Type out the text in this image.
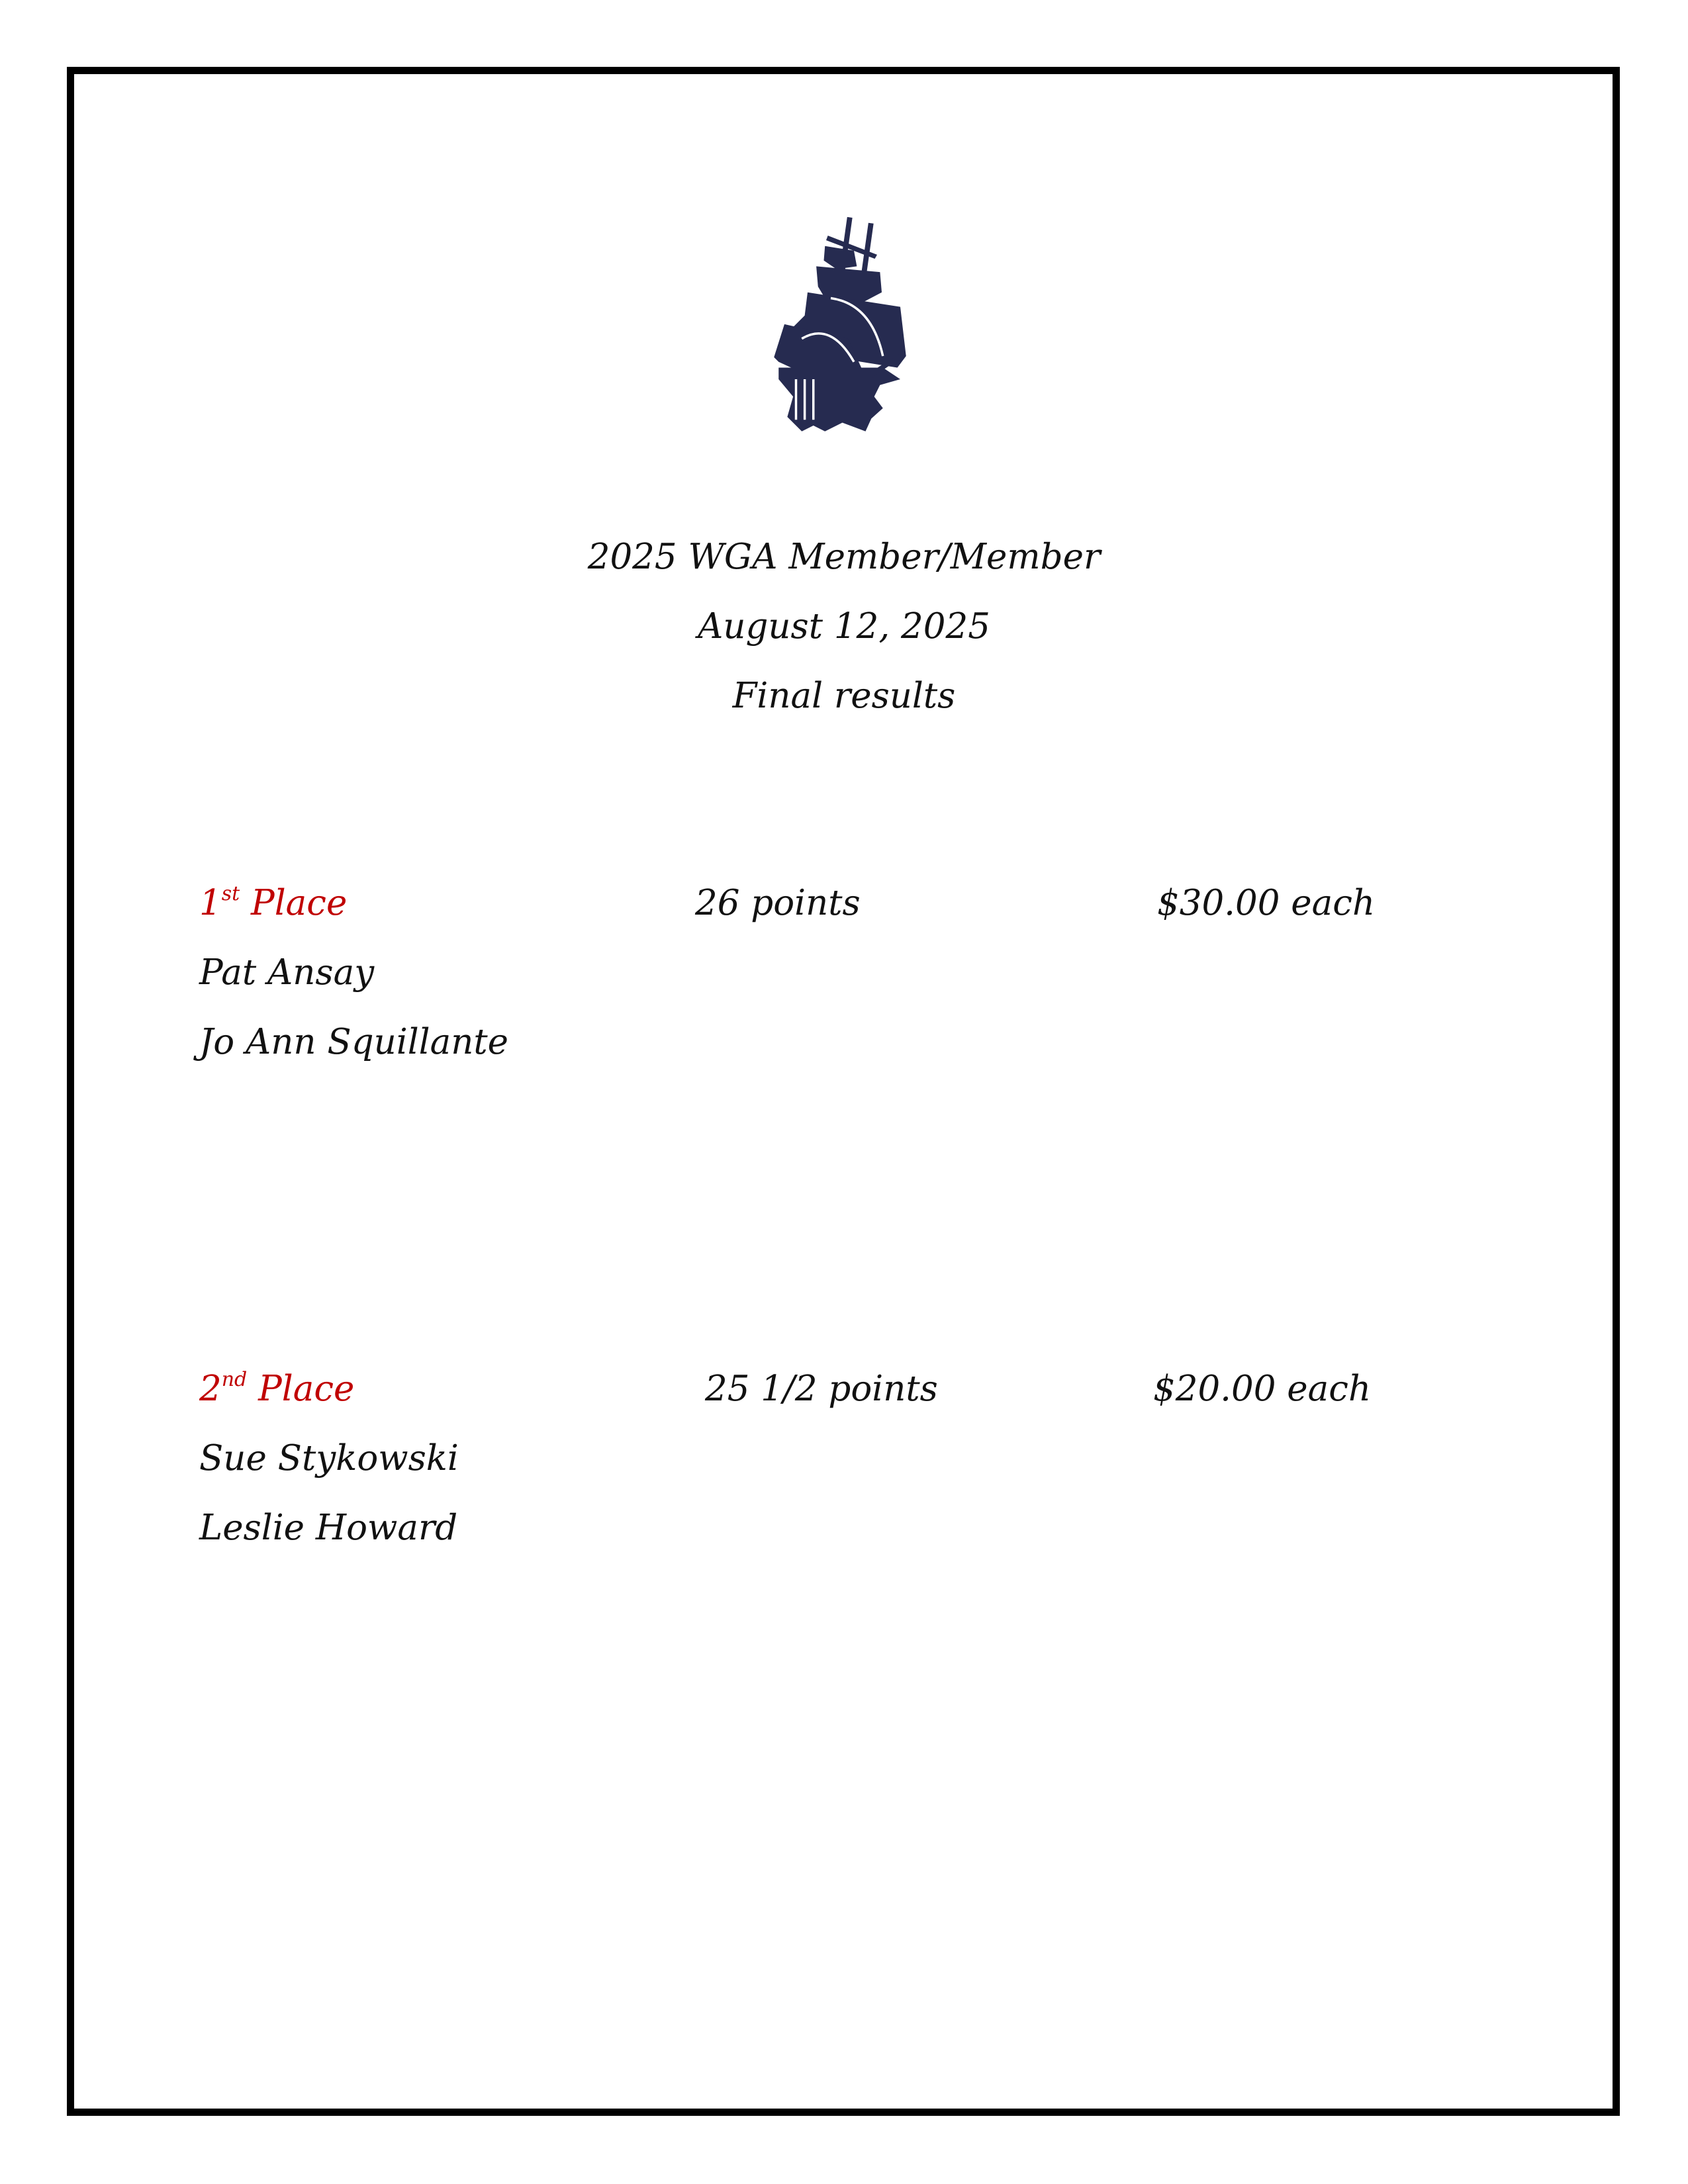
2025 WGA Member/Member
August 12, 2025
Final results
1st Place	26 points	$30.00 each
Pat Ansay
Jo Ann Squillante
2nd Place	25 1/2 points	$20.00 each
Sue Stykowski
Leslie Howard
